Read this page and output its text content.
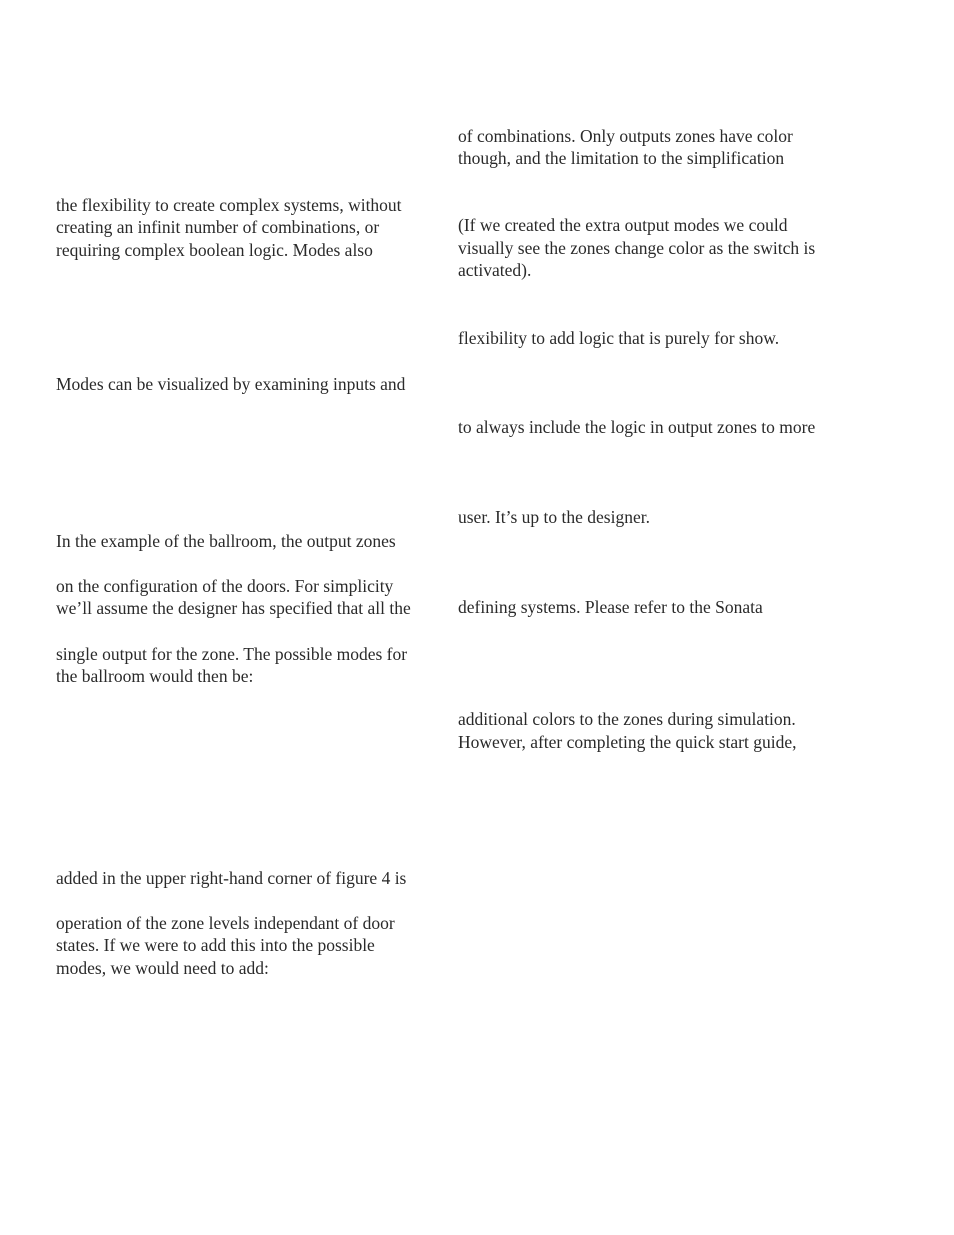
the flexibility to create complex systems, without

creating an infinit number of combinations, or

requiring complex boolean logic. Modes also

Modes can be visualized by examining inputs and

In the example of the ballroom, the output zones

on the configuration of the doors. For simplicity

we’ll assume the designer has specified that all the

single output for the zone. The possible modes for

the ballroom would then be:

added in the upper right-hand corner of figure 4 is

operation of the zone levels independant of door

states. If we were to add this into the possible

modes, we would need to add:

of combinations. Only outputs zones have color

though, and the limitation to the simplification

(If we created the extra output modes we could

visually see the zones change color as the switch is

activated).

flexibility to add logic that is purely for show.

to always include the logic in output zones to more

user. It’s up to the designer.

defining systems. Please refer to the Sonata

additional colors to the zones during simulation.

However, after completing the quick start guide,
